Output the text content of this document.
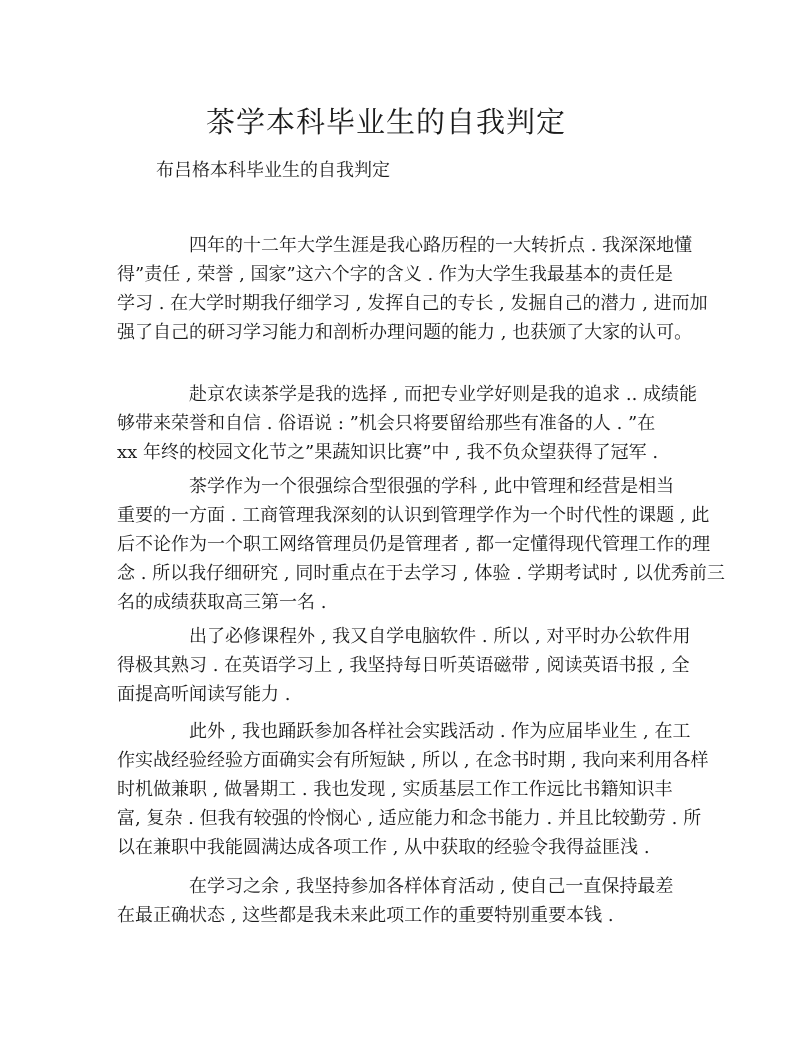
茶学本科毕业生的自我判定

布吕格本科毕业生的自我判定

四年的十二年大学生涯是我心路历程的一大转折点 . 我深深地懂
得”责任 , 荣誉 , 国家”这六个字的含义 . 作为大学生我最基本的责任是
学习 . 在大学时期我仔细学习 , 发挥自己的专长 , 发掘自己的潜力 , 进而加
强了自己的研习学习能力和剖析办理问题的能力 , 也获颁了大家的认可。
赴京农读茶学是我的选择 , 而把专业学好则是我的追求 .. 成绩能
够带来荣誉和自信 . 俗语说 : ”机会只将要留给那些有准备的人 . ”在
xx 年终的校园文化节之”果蔬知识比赛”中 , 我不负众望获得了冠军 .
茶学作为一个很强综合型很强的学科 , 此中管理和经营是相当
重要的一方面 . 工商管理我深刻的认识到管理学作为一个时代性的课题 , 此
后不论作为一个职工网络管理员仍是管理者 , 都一定懂得现代管理工作的理
念 . 所以我仔细研究 , 同时重点在于去学习 , 体验 . 学期考试时 , 以优秀前三
名的成绩获取高三第一名 .
出了必修课程外 , 我又自学电脑软件 . 所以 , 对平时办公软件用
得极其熟习 . 在英语学习上 , 我坚持每日听英语磁带 , 阅读英语书报 , 全
面提高听闻读写能力 .
此外 , 我也踊跃参加各样社会实践活动 . 作为应届毕业生 , 在工
作实战经验经验方面确实会有所短缺 , 所以 , 在念书时期 , 我向来利用各样
时机做兼职 , 做暑期工 . 我也发现 , 实质基层工作工作远比书籍知识丰
富, 复杂 . 但我有较强的怜悯心 , 适应能力和念书能力 . 并且比较勤劳 . 所
以在兼职中我能圆满达成各项工作 , 从中获取的经验令我得益匪浅 .
在学习之余 , 我坚持参加各样体育活动 , 使自己一直保持最差
在最正确状态 , 这些都是我未来此项工作的重要特别重要本钱 .
